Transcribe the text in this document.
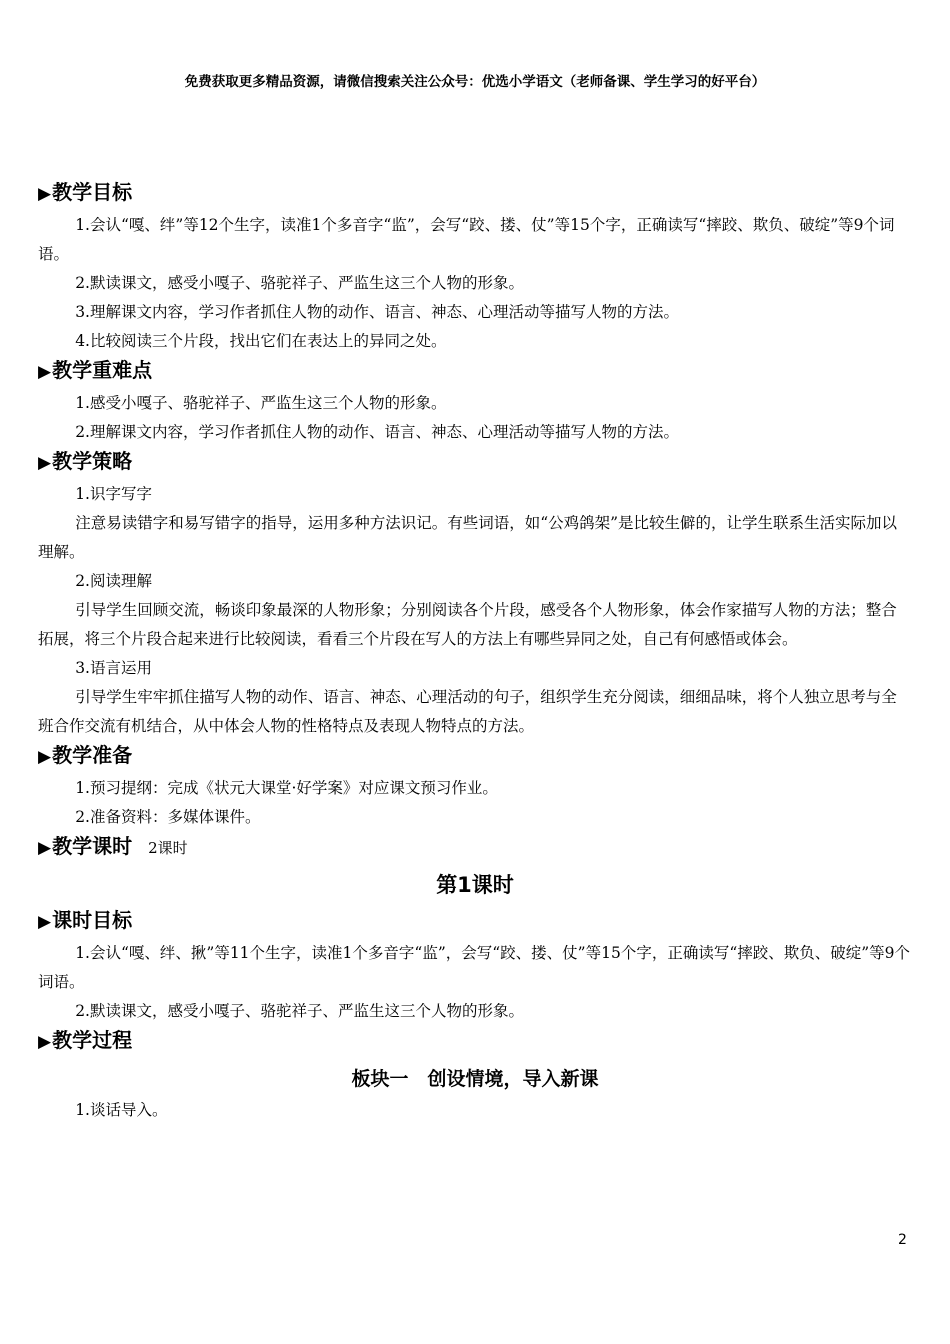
免费获取更多精品资源，请微信搜索关注公众号：优选小学语文（老师备课、学生学习的好平台）
▶教学目标

1.会认“嘎、绊”等12个生字，读准1个多音字“监”，会写“跤、搂、仗”等15个字，正确读写“摔跤、欺负、破绽”等9个词语。

2.默读课文，感受小嘎子、骆驼祥子、严监生这三个人物的形象。

3.理解课文内容，学习作者抓住人物的动作、语言、神态、心理活动等描写人物的方法。

4.比较阅读三个片段，找出它们在表达上的异同之处。

▶教学重难点

1.感受小嘎子、骆驼祥子、严监生这三个人物的形象。

2.理解课文内容，学习作者抓住人物的动作、语言、神态、心理活动等描写人物的方法。

▶教学策略

1.识字写字

注意易读错字和易写错字的指导，运用多种方法识记。有些词语，如“公鸡鸽架”是比较生僻的，让学生联系生活实际加以理解。

2.阅读理解

引导学生回顾交流，畅谈印象最深的人物形象；分别阅读各个片段，感受各个人物形象，体会作家描写人物的方法；整合拓展，将三个片段合起来进行比较阅读，看看三个片段在写人的方法上有哪些异同之处，自己有何感悟或体会。

3.语言运用

引导学生牢牢抓住描写人物的动作、语言、神态、心理活动的句子，组织学生充分阅读，细细品味，将个人独立思考与全班合作交流有机结合，从中体会人物的性格特点及表现人物特点的方法。

▶教学准备

1.预习提纲：完成《状元大课堂·好学案》对应课文预习作业。

2.准备资料：多媒体课件。

▶教学课时 2课时
第1课时
▶课时目标

1.会认“嘎、绊、揪”等11个生字，读准1个多音字“监”，会写“跤、搂、仗”等15个字，正确读写“摔跤、欺负、破绽”等9个词语。

2.默读课文，感受小嘎子、骆驼祥子、严监生这三个人物的形象。

▶教学过程
板块一　创设情境，导入新课

1.谈话导入。

2
